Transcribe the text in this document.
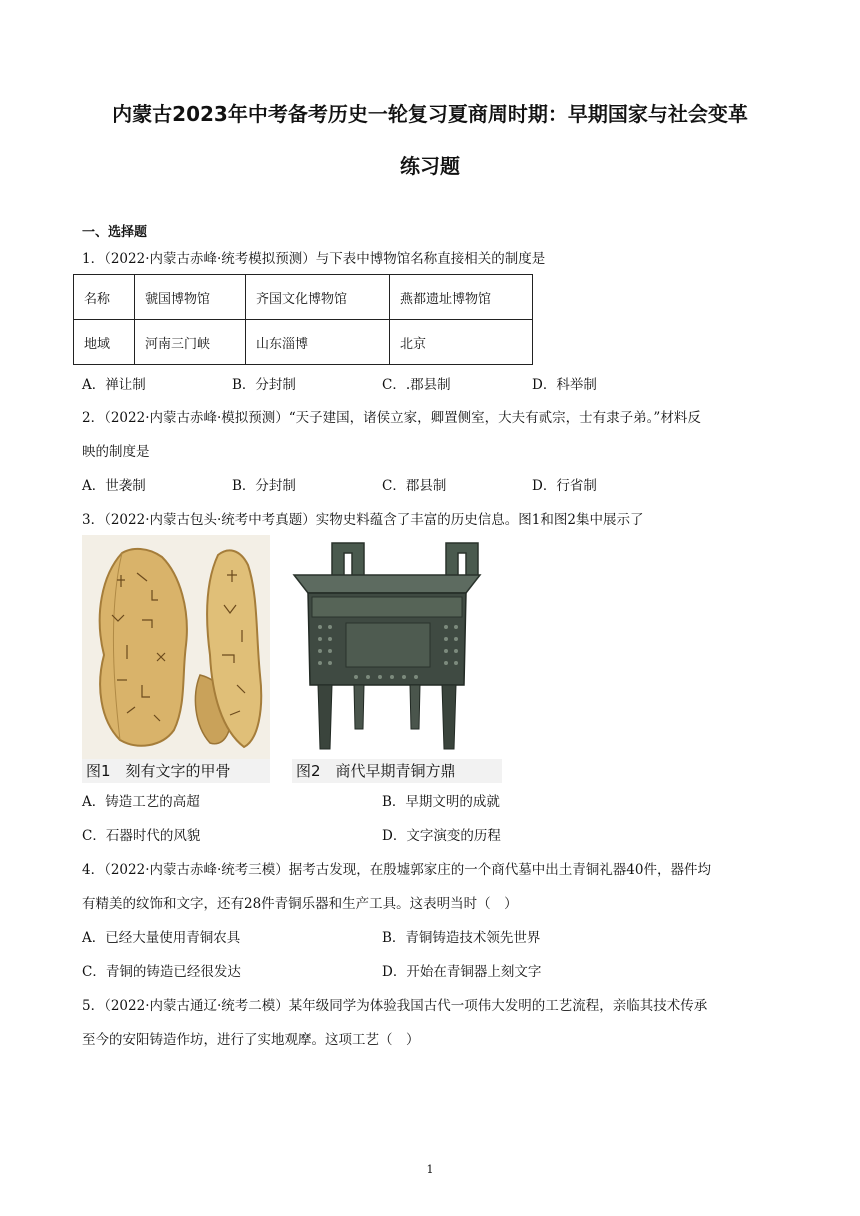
内蒙古2023年中考备考历史一轮复习夏商周时期：早期国家与社会变革
练习题
一、选择题
1．（2022·内蒙古赤峰·统考模拟预测）与下表中博物馆名称直接相关的制度是
名称	虢国博物馆	齐国文化博物馆	燕都遗址博物馆
地域	河南三门峡	山东淄博	北京
A．禅让制	B．分封制	C．.郡县制	D．科举制
2．（2022·内蒙古赤峰·模拟预测）“天子建国，诸侯立家，卿置侧室，大夫有贰宗，士有隶子弟。”材料反
映的制度是
A．世袭制	B．分封制	C．郡县制	D．行省制
3．（2022·内蒙古包头·统考中考真题）实物史料蕴含了丰富的历史信息。图1和图2集中展示了
图1　刻有文字的甲骨	图2　商代早期青铜方鼎
A．铸造工艺的高超	B．早期文明的成就
C．石器时代的风貌	D．文字演变的历程
4．（2022·内蒙古赤峰·统考三模）据考古发现，在殷墟郭家庄的一个商代墓中出土青铜礼器40件，器件均
有精美的纹饰和文字，还有28件青铜乐器和生产工具。这表明当时（　）
A．已经大量使用青铜农具	B．青铜铸造技术领先世界
C．青铜的铸造已经很发达	D．开始在青铜器上刻文字
5．（2022·内蒙古通辽·统考二模）某年级同学为体验我国古代一项伟大发明的工艺流程，亲临其技术传承
至今的安阳铸造作坊，进行了实地观摩。这项工艺（　）
1
